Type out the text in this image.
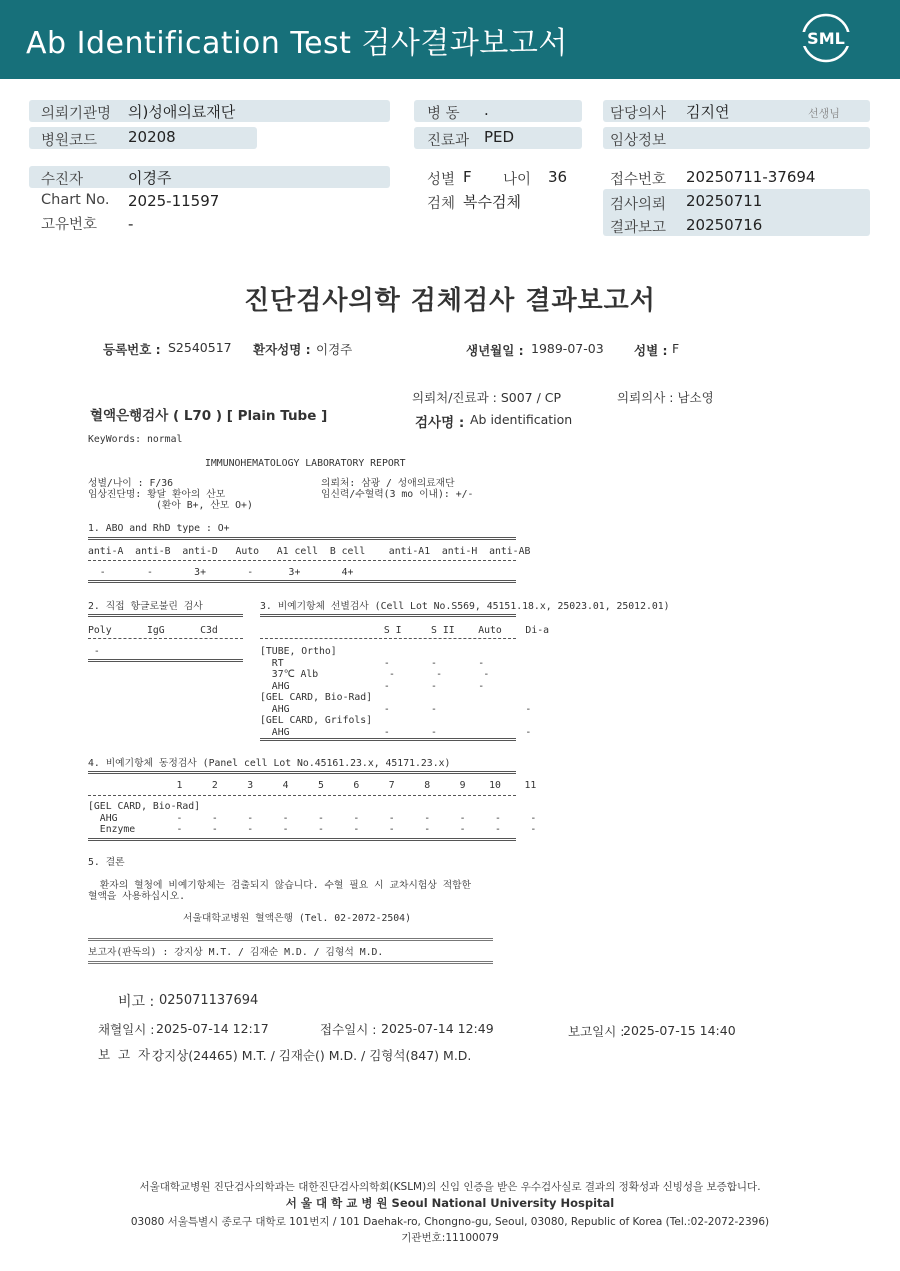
Ab Identification Test 검사결과보고서	SML
의뢰기관명 의)성애의료재단
병원코드 20208
병 동 .
진료과 PED
담당의사 김지연	선생님
임상정보
수진자	이경주
Chart No. 2025-11597
고유번호 -
성별 F 나이 36
검체 복수검체
접수번호 20250711-37694
검사의뢰 20250711
결과보고 20250716
진단검사의학 검체검사 결과보고서
등록번호 : S2540517 환자성명 : 이경주	생년월일 : 1989-07-03 성별 : F
의뢰처/진료과 : S007 / CP	의뢰의사 : 남소영
혈액은행검사 ( L70 ) [ Plain Tube ]	검사명 : Ab identification
KeyWords: normal
IMMUNOHEMATOLOGY LABORATORY REPORT
성별/나이 : F/36	의뢰처: 삼광 / 성애의료재단
임상진단명: 황달 환아의 산모	임신력/수혈력(3 mo 이내): +/-
(환아 B+, 산모 O+)
1. ABO and RhD type : O+
anti-A  anti-B  anti-D   Auto   A1 cell  B cell    anti-A1  anti-H  anti-AB
-       -       3+       -      3+       4+
2. 직접 항글로불린 검사
Poly      IgG      C3d
-
3. 비예기항체 선별검사 (Cell Lot No.S569, 45151.18.x, 25023.01, 25012.01)
S I     S II    Auto    Di-a
[TUBE, Ortho]
RT                 -       -       -
37℃ Alb            -       -       -
AHG                -       -       -
[GEL CARD, Bio-Rad]
AHG                -       -               -
[GEL CARD, Grifols]
AHG                -       -               -
4. 비예기항체 동정검사 (Panel cell Lot No.45161.23.x, 45171.23.x)
1     2     3     4     5     6     7     8     9    10    11
[GEL CARD, Bio-Rad]
AHG          -     -     -     -     -     -     -     -     -     -     -
Enzyme       -     -     -     -     -     -     -     -     -     -     -
5. 결론
환자의 혈청에 비예기항체는 검출되지 않습니다. 수혈 필요 시 교차시험상 적합한
혈액을 사용하십시오.
서울대학교병원 혈액은행 (Tel. 02-2072-2504)
보고자(판독의) : 강지상 M.T. / 김재순 M.D. / 김형석 M.D.
비고 : 025071137694
채혈일시 : 2025-07-14 12:17	접수일시 : 2025-07-14 12:49	보고일시 :
2025-07-15 14:40
보  고  자 :
강지상(24465) M.T. / 김재순() M.D. / 김형석(847) M.D.
서울대학교병원 진단검사의학과는 대한진단검사의학회(KSLM)의 신임 인증을 받은 우수검사실로 결과의 정확성과 신빙성을 보증합니다.
서 울 대 학 교 병 원 Seoul National University Hospital
03080 서울특별시 종로구 대학로 101번지 / 101 Daehak-ro, Chongno-gu, Seoul, 03080, Republic of Korea (Tel.:02-2072-2396)
기관번호:11100079
